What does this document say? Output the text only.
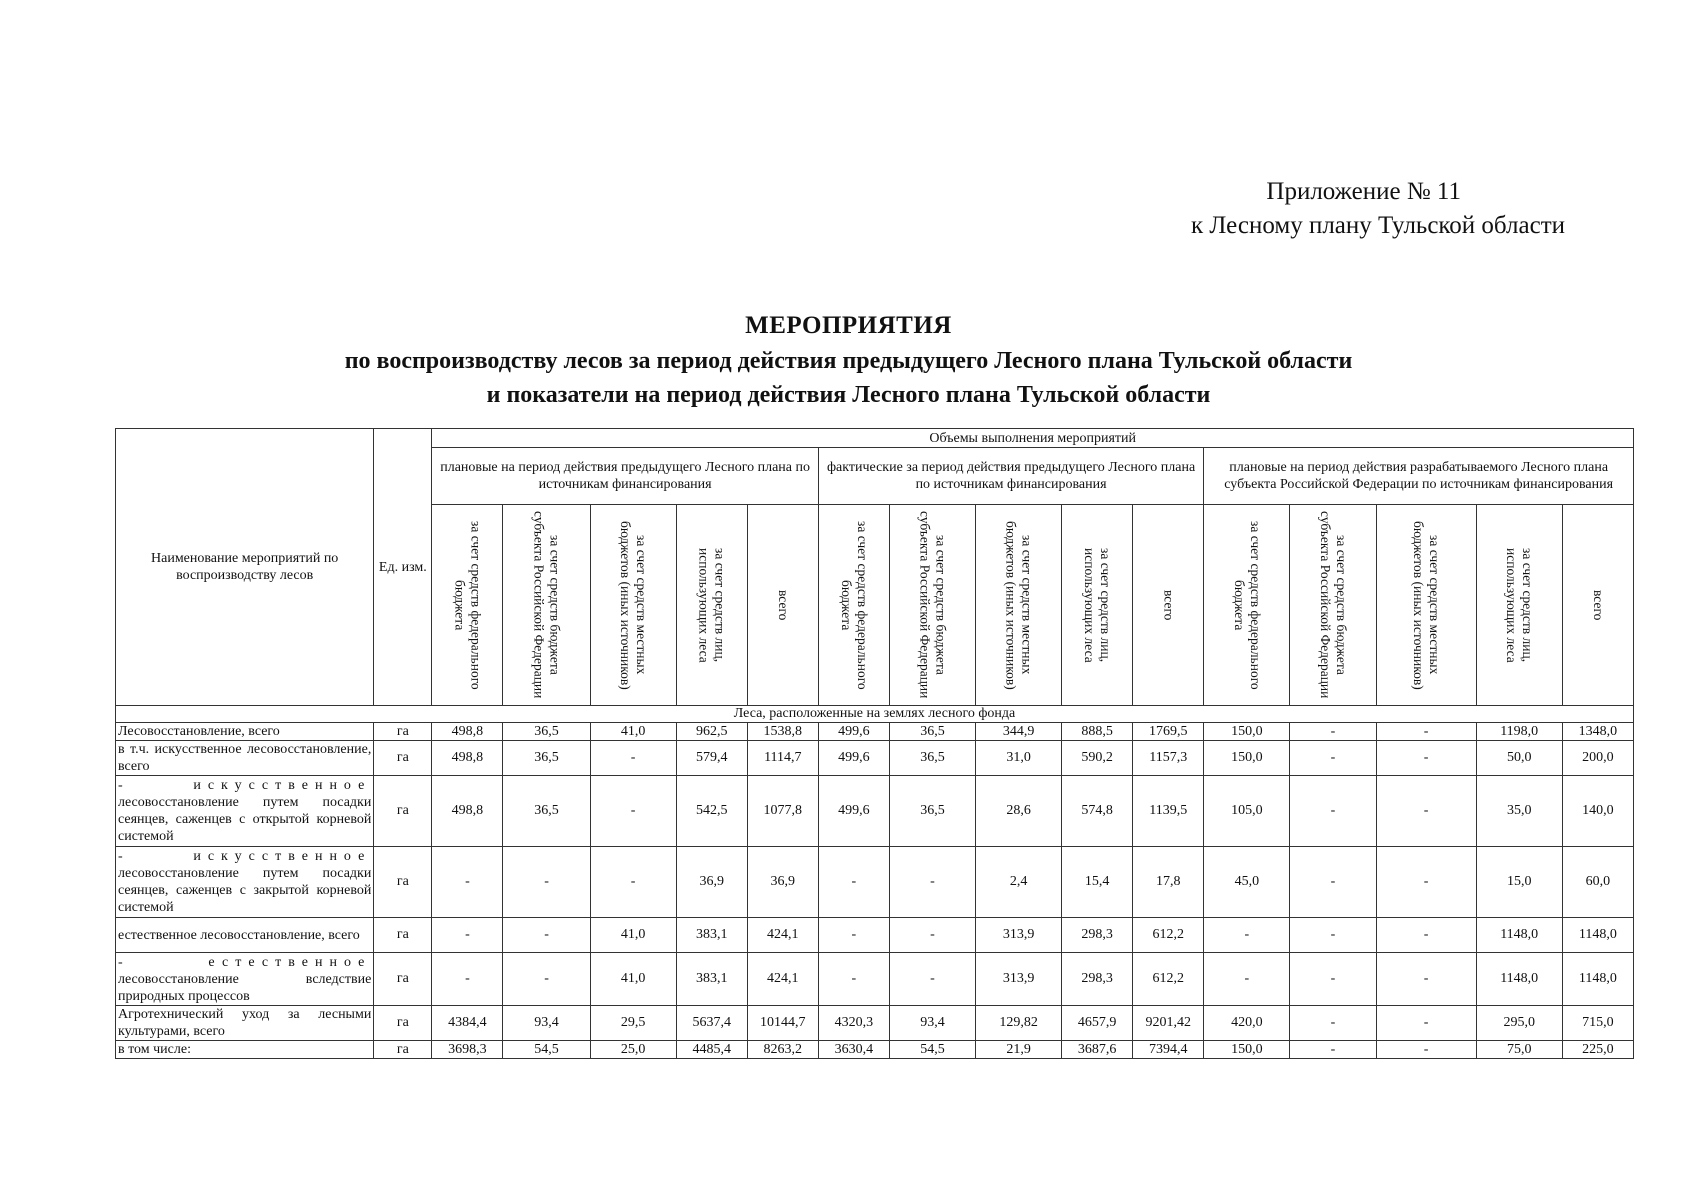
Приложение № 11
к Лесному плану Тульской области
МЕРОПРИЯТИЯ
по воспроизводству лесов за период действия предыдущего Лесного плана Тульской области
и показатели на период действия Лесного плана Тульской области
Наименование мероприятий по воспроизводству лесов	Ед. изм.	Объемы выполнения мероприятий														
		плановые на период действия предыдущего Лесного плана по источникам финансирования					фактические за период действия предыдущего Лесного плана по источникам финансирования					плановые на период действия разрабатываемого Лесного плана субъекта Российской Федерации по источникам финансирования				

		за счет средств федерального бюджета	за счет средств бюджета субъекта Российской Федерации	за счет средств местных бюджетов (иных источников)	за счет средств лиц, использующих леса	всего	за счет средств федерального бюджета	за счет средств бюджета субъекта Российской Федерации	за счет средств местных бюджетов (иных источников)	за счет средств лиц, использующих леса	всего	за счет средств федерального бюджета	за счет средств бюджета субъекта Российской Федерации	за счет средств местных бюджетов (иных источников)	за счет средств лиц, использующих леса	всего

Леса, расположенные на землях лесного фонда																
Лесовосстановление, всего	га	498,8	36,5	41,0	962,5	1538,8	499,6	36,5	344,9	888,5	1769,5	150,0	-	-	1198,0	1348,0
в т.ч. искусственное лесовосстановление, всего	га	498,8	36,5	-	579,4	1114,7	499,6	36,5	31,0	590,2	1157,3	150,0	-	-	50,0	200,0
- искусственное лесовосстановление путем посадки сеянцев, саженцев с открытой корневой системой	га	498,8	36,5	-	542,5	1077,8	499,6	36,5	28,6	574,8	1139,5	105,0	-	-	35,0	140,0
- искусственное лесовосстановление путем посадки сеянцев, саженцев с закрытой корневой системой	га	-	-	-	36,9	36,9	-	-	2,4	15,4	17,8	45,0	-	-	15,0	60,0
естественное лесовосстановление, всего	га	-	-	41,0	383,1	424,1	-	-	313,9	298,3	612,2	-	-	-	1148,0	1148,0
- естественное лесовосстановление вследствие природных процессов	га	-	-	41,0	383,1	424,1	-	-	313,9	298,3	612,2	-	-	-	1148,0	1148,0
Агротехнический уход за лесными культурами, всего	га	4384,4	93,4	29,5	5637,4	10144,7	4320,3	93,4	129,82	4657,9	9201,42	420,0	-	-	295,0	715,0
в том числе:	га	3698,3	54,5	25,0	4485,4	8263,2	3630,4	54,5	21,9	3687,6	7394,4	150,0	-	-	75,0	225,0
